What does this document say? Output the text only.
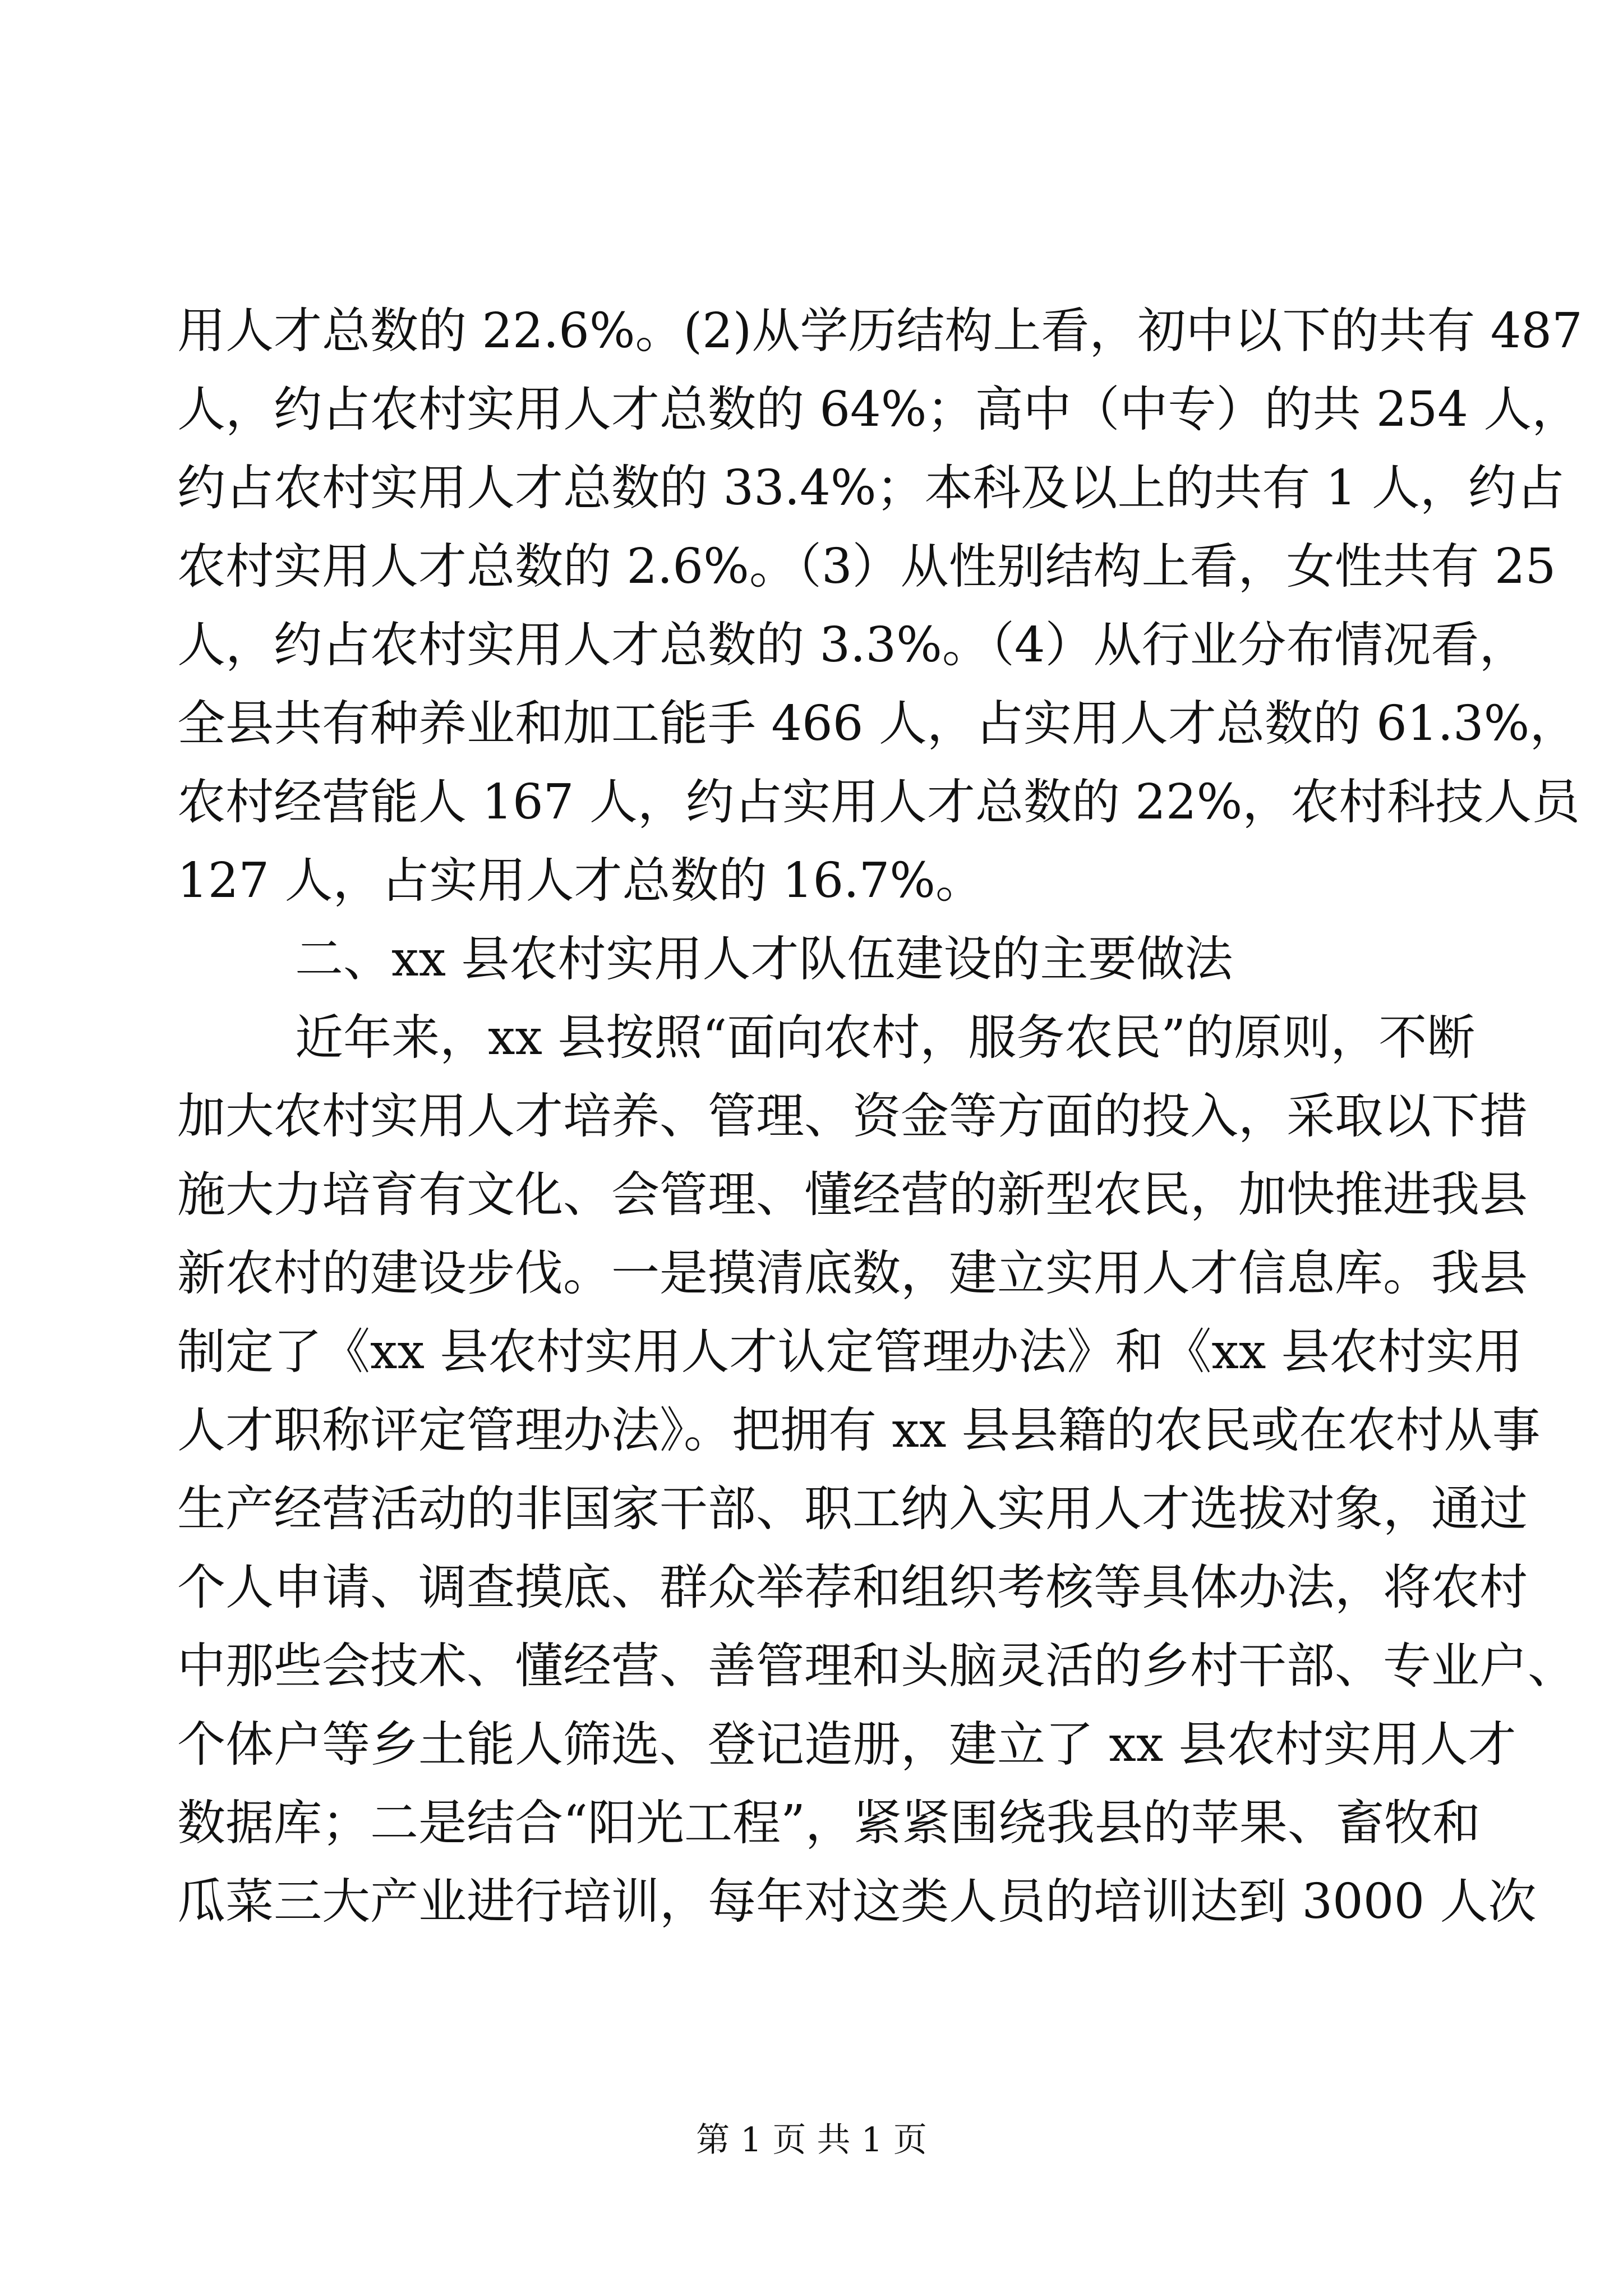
用人才总数的 22.6%。(2)从学历结构上看，初中以下的共有 487
人，约占农村实用人才总数的 64%；高中（中专）的共 254 人，
约占农村实用人才总数的 33.4%；本科及以上的共有 1 人，约占
农村实用人才总数的 2.6%。（3）从性别结构上看，女性共有 25
人，约占农村实用人才总数的 3.3%。（4）从行业分布情况看，
全县共有种养业和加工能手 466 人，占实用人才总数的 61.3%，
农村经营能人 167 人，约占实用人才总数的 22%，农村科技人员
127 人，占实用人才总数的 16.7%。
二、xx 县农村实用人才队伍建设的主要做法
近年来，xx 县按照“面向农村，服务农民”的原则，不断
加大农村实用人才培养、管理、资金等方面的投入，采取以下措
施大力培育有文化、会管理、懂经营的新型农民，加快推进我县
新农村的建设步伐。一是摸清底数，建立实用人才信息库。我县
制定了《xx 县农村实用人才认定管理办法》和《xx 县农村实用
人才职称评定管理办法》。把拥有 xx 县县籍的农民或在农村从事
生产经营活动的非国家干部、职工纳入实用人才选拔对象，通过
个人申请、调查摸底、群众举荐和组织考核等具体办法，将农村
中那些会技术、懂经营、善管理和头脑灵活的乡村干部、专业户、
个体户等乡土能人筛选、登记造册，建立了 xx 县农村实用人才
数据库；二是结合“阳光工程”，紧紧围绕我县的苹果、畜牧和
瓜菜三大产业进行培训，每年对这类人员的培训达到 3000 人次
第 1 页 共 1 页
